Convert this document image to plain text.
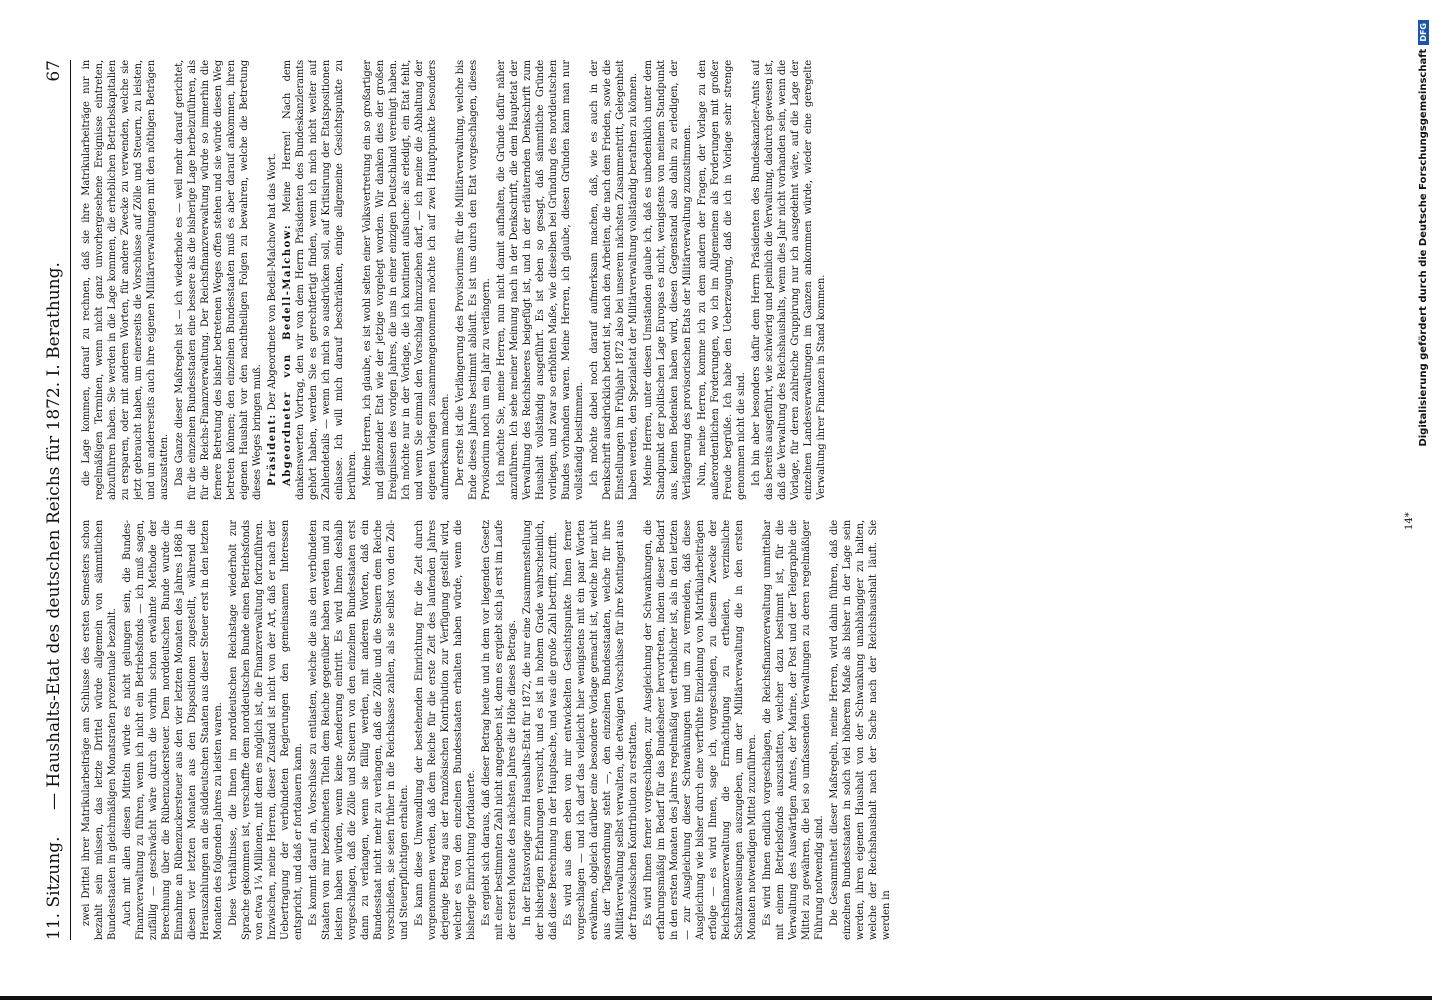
11. Sitzung.
— Haushalts-Etat des deutschen Reichs für 1872. I. Berathung.
67

zwei Drittel ihrer Matrikularbeiträge am Schlusse des ersten Semesters schon bezahlt sein müssen, das letzte Drittel würde allgemein von sämmtlichen Bundesstaaten in gleichmäßigen Monatsraten prozentuale bezahlt. Auch mit allen diesen Mitteln würde es nicht gelungen sein, die Bundes-Finanzverwaltung zu führen, wenn ich nicht ein Betriebsfonds — ich muß sagen, zufällig — geschwächt wäre durch die vorhin schon erwähnte Methode der Berechnung über die Rübenzuckersteuer. Dem norddeutschen Bunde wurde die Einnahme an Rübenzuckersteuer aus den vier letzten Monaten des Jahres 1868 in diesen vier letzten Monaten aus den Dispositionen zugestellt, während die Herauszahlungen an die süddeutschen Staaten aus dieser Steuer erst in den letzten Monaten des folgenden Jahres zu leisten waren. Diese Verhältnisse, die Ihnen im norddeutschen Reichstage wiederholt zur Sprache gekommen ist, verschaffte dem norddeutschen Bunde einen Betriebsfonds von etwa 1¼ Millionen, mit dem es möglich ist, die Finanzverwaltung fortzuführen. Inzwischen, meine Herren, dieser Zustand ist nicht von der Art, daß er nach der Uebertragung der verbündeten Regierungen den gemeinsamen Interessen entspricht, und daß er fortdauern kann. Es kommt darauf an, Vorschüsse zu entlasten, welche die aus den verbündeten Staaten von mir bezeichneten Titeln dem Reiche gegenüber haben werden und zu leisten haben würden, wenn keine Aenderung eintritt. Es wird Ihnen deshalb vorgeschlagen, daß die Zölle und Steuern von den einzelnen Bundesstaaten erst dann zu verlangen, wenn sie fällig werden, mit anderen Worten, daß ein Bundesstaat nicht mehr zu verlangen, daß die Zölle und die Steuern dem Reiche vorschießen, sie seien früher in die Reichskasse zahlen, als sie selbst von den Zoll- und Steuerpflichtigen erhalten. Es kann diese Umwandlung der bestehenden Einrichtung für die Zeit durch vorgenommen werden, daß dem Reiche für die erste Zeit des laufenden Jahres derjenige Betrag aus der französischen Kontribution zur Verfügung gestellt wird, welcher es von den einzelnen Bundesstaaten erhalten haben würde, wenn die bisherige Einrichtung fortdauerte. Es ergiebt sich daraus, daß dieser Betrag heute und in dem vor liegenden Gesetz mit einer bestimmten Zahl nicht angegeben ist, denn es ergiebt sich ja erst im Laufe der ersten Monate des nächsten Jahres die Höhe dieses Betrags. In der Etatsvorlage zum Haushalts-Etat für 1872, die nur eine Zusammenstellung der bisherigen Erfahrungen versucht, und es ist in hohem Grade wahrscheinlich, daß diese Berechnung in der Hauptsache, und was die große Zahl betrifft, zutrifft. Es wird aus dem eben von mir entwickelten Gesichtspunkte Ihnen ferner vorgeschlagen — und ich darf das vielleicht hier wenigstens mit ein paar Worten erwähnen, obgleich darüber eine besondere Vorlage gemacht ist, welche hier nicht aus der Tagesordnung steht —, den einzelnen Bundesstaaten, welche für ihre Militärverwaltung selbst verwalten, die etwaigen Vorschüsse für ihre Kontingent aus der französischen Kontribution zu erstatten. Es wird Ihnen ferner vorgeschlagen, zur Ausgleichung der Schwankungen, die erfahrungsmäßig im Bedarf für das Bundesheer hervortreten, indem dieser Bedarf in den ersten Monaten des Jahres regelmäßig weit erheblicher ist, als in den letzten — zur Ausgleichung dieser Schwankungen und um zu vermeiden, daß diese Ausgleichung wie bisher durch eine verfrühte Einziehung von Matrikularbeiträgen erfolge — es wird Ihnen, sage ich, vorgeschlagen, zu diesem Zwecke der Reichsfinanzverwaltung die Ermächtigung zu ertheilen, verzinsliche Schatzanweisungen auszugeben, um der Militärverwaltung die in den ersten Monaten notwendigen Mittel zuzuführen. Es wird Ihnen endlich vorgeschlagen, die Reichsfinanzverwaltung unmittelbar mit einem Betriebsfonds auszustatten, welcher dazu bestimmt ist, für die Verwaltung des Auswärtigen Amtes, der Marine, der Post und der Telegraphie die Mittel zu gewähren, die bei so umfassenden Verwaltungen zu deren regelmäßiger Führung notwendig sind. Die Gesammtheit dieser Maßregeln, meine Herren, wird dahin führen, daß die einzelnen Bundesstaaten in solch viel höherem Maße als bisher in der Lage sein werden, ihren eigenen Haushalt von der Schwankung unabhängiger zu halten, welche der Reichshaushalt nach der Sache nach der Reichshaushalt läuft. Sie werden in

die Lage kommen, darauf zu rechnen, daß sie ihre Matrikularbeiträge nur in regelmäßigen Terminen, wenn nicht ganz unvorhergesehene Ereignisse eintreten, abzuführen haben. Sie werden in die Lage kommen, die erheblichen Betriebskapitalien zu ersparen, oder mit anderen Worten, für andere Zwecke zu verwenden, welche sie jetzt gebraucht haben, um einerseits die Vorschüsse auf Zölle und Steuern, zu leisten, und um andererseits auch ihre eigenen Militärverwaltungen mit den nöthigen Beträgen auszustatten. Das Ganze dieser Maßregeln ist — ich wiederhole es — weil mehr darauf gerichtet, für die einzelnen Bundesstaaten eine bessere als die bisherige Lage herbeizuführen, als für die Reichs-Finanzverwaltung. Der Reichsfinanzverwaltung würde so immerhin die fernere Betretung des bisher betretenen Weges offen stehen und sie würde diesen Weg betreten können; den einzelnen Bundesstaaten muß es aber darauf ankommen, ihren eigenen Haushalt vor den nachtheiligen Folgen zu bewahren, welche die Betretung dieses Weges bringen muß. Präsident: Der Abgeordnete von Bedell-Malchow hat das Wort. Abgeordneter von Bedell-Malchow: Meine Herren! Nach dem dankenswerten Vortrag, den wir von dem Herrn Präsidenten des Bundeskanzleramts gehört haben, werden Sie es gerechtfertigt finden, wenn ich mich nicht weiter auf Zahlendetails — wenn ich mich so ausdrücken soll, auf Kritisirung der Etatspositionen einlasse. Ich will mich darauf beschränken, einige allgemeine Gesichtspunkte zu berühren. Meine Herren, ich glaube, es ist wohl selten einer Volksvertretung ein so großartiger und glänzender Etat wie der jetzige vorgelegt worden. Wir danken dies der großen Ereignissen des vorigen Jahres, die uns in einer einzigen Deutschland vereinigt haben. Ich möchte nur in der Vorlage, die ich kontinent aufsuche: als erledigt, ein Etat fehlt, und wenn Sie einmal den Vorschlag hinzuziehen darf, — ich meine die Abhaltung der eigenen Vorlagen zusammengenommen möchte ich auf zwei Hauptpunkte besonders aufmerksam machen. Der erste ist die Verlängerung des Provisoriums für die Militärverwaltung, welche bis Ende dieses Jahres bestimmt abläuft. Es ist uns durch den Etat vorgeschlagen, dieses Provisorium noch um ein Jahr zu verlängern. Ich möchte Sie, meine Herren, nun nicht damit aufhalten, die Gründe dafür näher anzuführen. Ich sehe meiner Meinung nach in der Denkschrift, die dem Hauptetat der Verwaltung des Reichsheeres beigefügt ist, und in der erläuternden Denkschrift zum Haushalt vollständig ausgeführt. Es ist eben so gesagt, daß sämmtliche Gründe vorliegen, und zwar so erhöhten Maße, wie dieselben bei Gründung des norddeutschen Bundes vorhanden waren. Meine Herren, ich glaube, diesen Gründen kann man nur vollständig beistimmen. Ich möchte dabei noch darauf aufmerksam machen, daß, wie es auch in der Denkschrift ausdrücklich betont ist, nach den Arbeiten, die nach dem Frieden, sowie die Einstellungen im Frühjahr 1872 also bei unserem nächsten Zusammentritt, Gelegenheit haben werden, den Spezialetat der Militärverwaltung vollständig berathen zu können. Meine Herren, unter diesen Umständen glaube ich, daß es unbedenklich unter dem Standpunkt der politischen Lage Europas es nicht, wenigstens von meinem Standpunkt aus, keinen Bedenken haben wird, diesen Gegenstand also dahin zu erledigen, der Verlängerung des provisorischen Etats der Militärverwaltung zuzustimmen. Nun, meine Herren, komme ich zu dem andern der Fragen, der Vorlage zu den außerordentlichen Forderungen, wo ich im Allgemeinen als Forderungen mit großer Freude begrüße. Ich habe den Ueberzeugung, daß die ich in Vorlage sehr strenge genommen nicht die sind. Ich bin aber besonders dafür dem Herrn Präsidenten des Bundeskanzler-Amts auf das bereits ausgeführt, wie schwierig und peinlich die Verwaltung, dadurch gewesen ist, daß die Verwaltung des Reichshaushalts, wenn dies Jahr nicht vorhanden sein, wenn die Vorlage, für deren zahlreiche Gruppirung nur ich ausgedehnt wäre, auf die Lage der einzelnen Landesverwaltungen im Ganzen ankommen würde, wieder eine geregelte Verwaltung ihrer Finanzen in Stand kommen.

14*
Digitalisierung gefördert durch die Deutsche ForschungsgemeinschaftDFG
